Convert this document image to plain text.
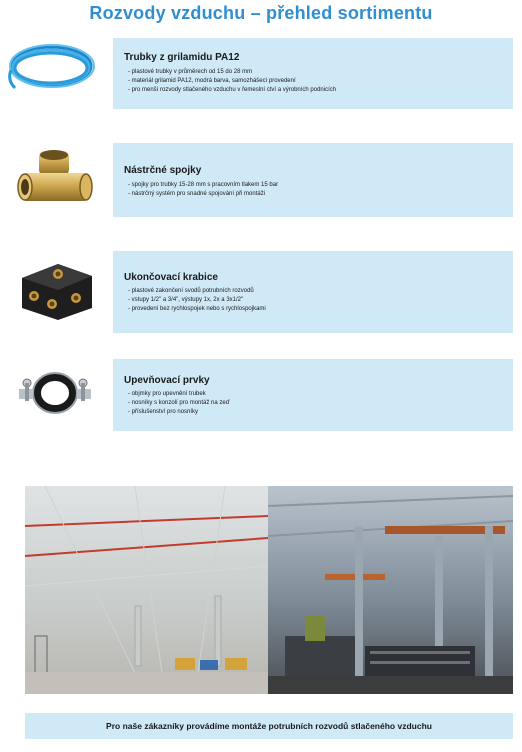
Rozvody vzduchu – přehled sortimentu
Trubky z grilamidu PA12
- plastové trubky v průměrech od 15 do 28 mm
- materiál grilamid PA12, modrá barva, samozhášecí provedení
- pro menší rozvody stlačeného vzduchu v řemeslní ctví a výrobních podnicích
Nástrčné spojky
- spojky pro trubky 15-28 mm s pracovním tlakem 15 bar
- nástrčný systém pro snadné spojování při montáži
Ukončovací krabice
- plastové zakončení svodů potrubních rozvodů
- vstupy 1/2" a 3/4", výstupy 1x, 2x a 3x1/2"
- provedení bez rychlospojek nebo s rychlospojkami
Upevňovací prvky
- objmky pro upevnění trubek
- nosníky s konzolí pro montáž na zeď
- příslušenství pro nosníky
Pro naše zákazníky provádíme montáže potrubních rozvodů stlačeného vzduchu
